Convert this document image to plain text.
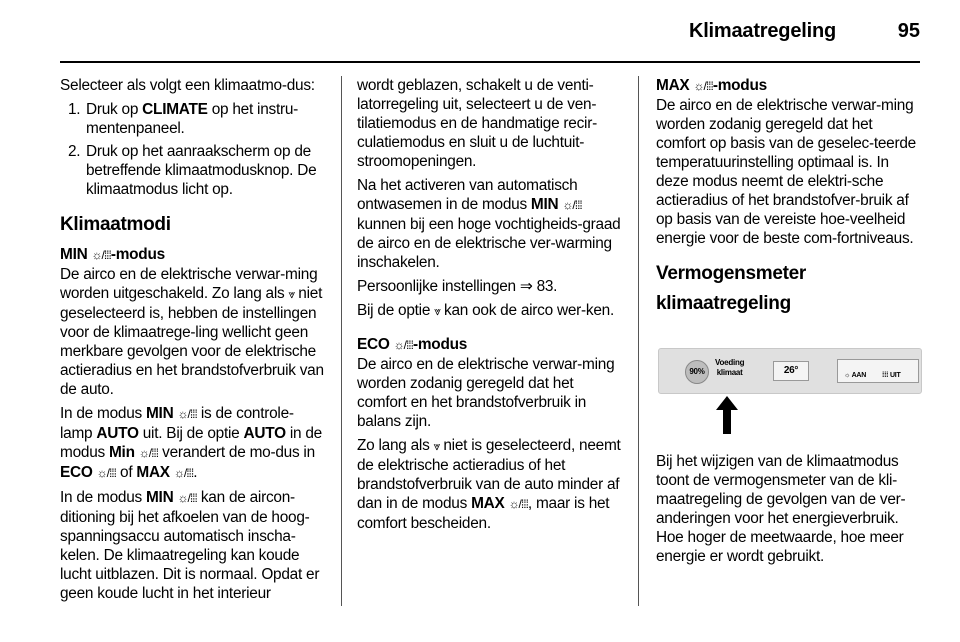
Klimaatregeling	95

Selecteer als volgt een klimaatmo-dus:

1. Druk op CLIMATE op het instru-mentenpaneel.
2. Druk op het aanraakscherm op de betreffende klimaatmodusknop. De klimaatmodus licht op.
Klimaatmodi

MIN ☼/⁞⁞⁞-modus

De airco en de elektrische verwar-ming worden uitgeschakeld. Zo lang als ⩔ niet geselecteerd is, hebben de instellingen voor de klimaatrege-ling wellicht geen merkbare gevolgen voor de elektrische actieradius en het brandstofverbruik van de auto.

In de modus MIN ☼/⁞⁞⁞ is de controle-lamp AUTO uit. Bij de optie AUTO in de modus Min ☼/⁞⁞⁞ verandert de mo-dus in ECO ☼/⁞⁞⁞ of MAX ☼/⁞⁞⁞.

In de modus MIN ☼/⁞⁞⁞ kan de aircon-ditioning bij het afkoelen van de hoog-spanningsaccu automatisch inscha-kelen. De klimaatregeling kan koude lucht uitblazen. Dit is normaal. Opdat er geen koude lucht in het interieur

wordt geblazen, schakelt u de venti-latorregeling uit, selecteert u de ven-tilatiemodus en de handmatige recir-culatiemodus en sluit u de luchtuit-stroomopeningen.

Na het activeren van automatisch ontwasemen in de modus MIN ☼/⁞⁞⁞ kunnen bij een hoge vochtigheids-graad de airco en de elektrische ver-warming inschakelen.

Persoonlijke instellingen ⇒ 83.

Bij de optie ⩔ kan ook de airco wer-ken.

ECO ☼/⁞⁞⁞-modus

De airco en de elektrische verwar-ming worden zodanig geregeld dat het comfort en het brandstofverbruik in balans zijn.

Zo lang als ⩔ niet is geselecteerd, neemt de elektrische actieradius of het brandstofverbruik van de auto minder af dan in de modus MAX ☼/⁞⁞⁞, maar is het comfort bescheiden.

MAX ☼/⁞⁞⁞-modus

De airco en de elektrische verwar-ming worden zodanig geregeld dat het comfort op basis van de geselec-teerde temperatuurinstelling optimaal is. In deze modus neemt de elektri-sche actieradius of het brandstofver-bruik af op basis van de vereiste hoe-veelheid energie voor de beste com-fortniveaus.

Vermogensmeter
klimaatregeling
90%
Voeding
klimaat	26°	☼ AAN ⁞⁞⁞ UIT

Bij het wijzigen van de klimaatmodus toont de vermogensmeter van de kli-maatregeling de gevolgen van de ver-anderingen voor het energieverbruik. Hoe hoger de meetwaarde, hoe meer energie er wordt gebruikt.
